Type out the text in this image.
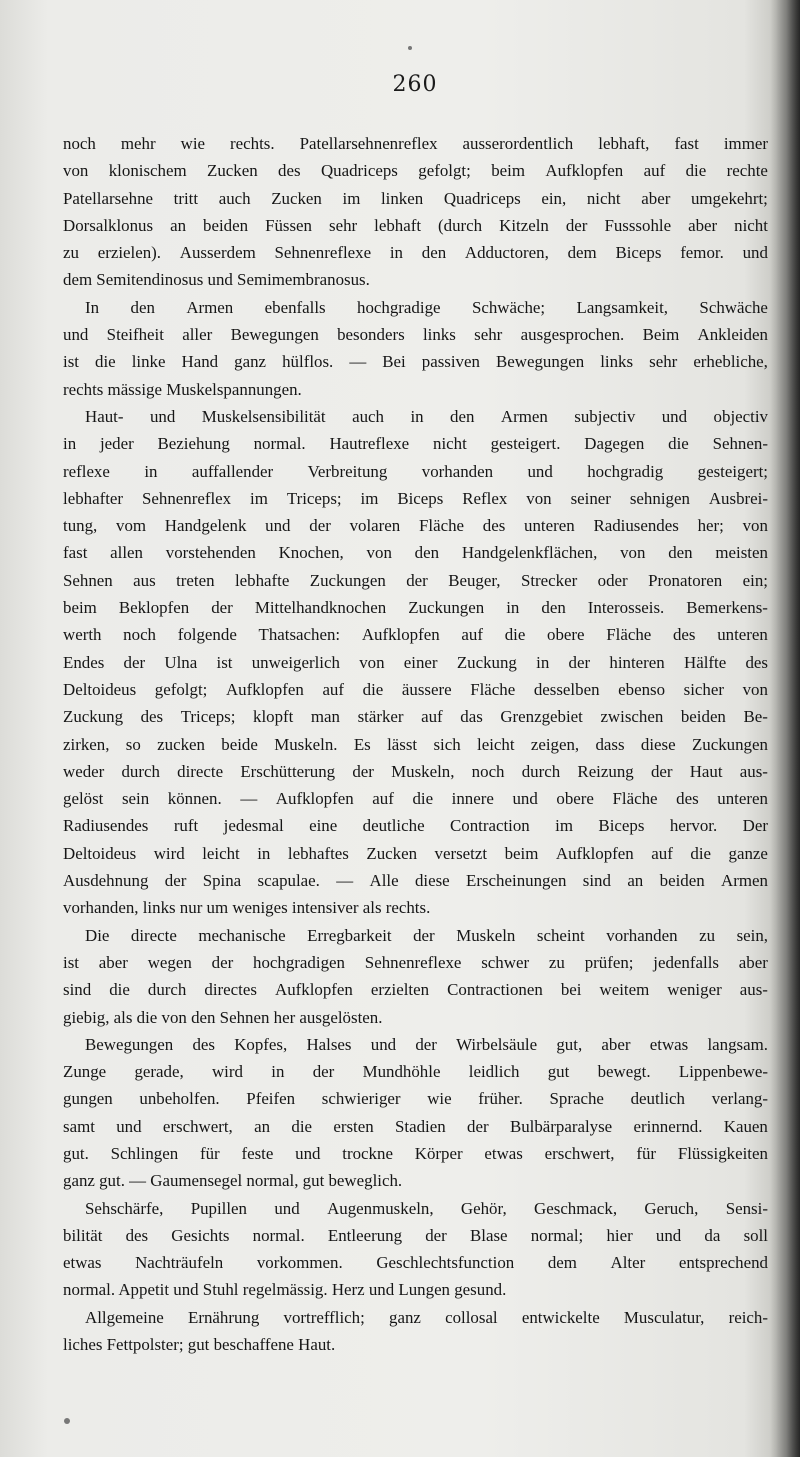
260
noch mehr wie rechts. Patellarsehnenreflex ausserordentlich lebhaft, fast immer
von klonischem Zucken des Quadriceps gefolgt; beim Aufklopfen auf die rechte
Patellarsehne tritt auch Zucken im linken Quadriceps ein, nicht aber umgekehrt;
Dorsalklonus an beiden Füssen sehr lebhaft (durch Kitzeln der Fusssohle aber nicht
zu erzielen). Ausserdem Sehnenreflexe in den Adductoren, dem Biceps femor. und
dem Semitendinosus und Semimembranosus.
In den Armen ebenfalls hochgradige Schwäche; Langsamkeit, Schwäche
und Steifheit aller Bewegungen besonders links sehr ausgesprochen. Beim Ankleiden
ist die linke Hand ganz hülflos. — Bei passiven Bewegungen links sehr erhebliche,
rechts mässige Muskelspannungen.
Haut- und Muskelsensibilität auch in den Armen subjectiv und objectiv
in jeder Beziehung normal. Hautreflexe nicht gesteigert. Dagegen die Sehnen-
reflexe in auffallender Verbreitung vorhanden und hochgradig gesteigert;
lebhafter Sehnenreflex im Triceps; im Biceps Reflex von seiner sehnigen Ausbrei-
tung, vom Handgelenk und der volaren Fläche des unteren Radiusendes her; von
fast allen vorstehenden Knochen, von den Handgelenkflächen, von den meisten
Sehnen aus treten lebhafte Zuckungen der Beuger, Strecker oder Pronatoren ein;
beim Beklopfen der Mittelhandknochen Zuckungen in den Interosseis. Bemerkens-
werth noch folgende Thatsachen: Aufklopfen auf die obere Fläche des unteren
Endes der Ulna ist unweigerlich von einer Zuckung in der hinteren Hälfte des
Deltoideus gefolgt; Aufklopfen auf die äussere Fläche desselben ebenso sicher von
Zuckung des Triceps; klopft man stärker auf das Grenzgebiet zwischen beiden Be-
zirken, so zucken beide Muskeln. Es lässt sich leicht zeigen, dass diese Zuckungen
weder durch directe Erschütterung der Muskeln, noch durch Reizung der Haut aus-
gelöst sein können. — Aufklopfen auf die innere und obere Fläche des unteren
Radiusendes ruft jedesmal eine deutliche Contraction im Biceps hervor. Der
Deltoideus wird leicht in lebhaftes Zucken versetzt beim Aufklopfen auf die ganze
Ausdehnung der Spina scapulae. — Alle diese Erscheinungen sind an beiden Armen
vorhanden, links nur um weniges intensiver als rechts.
Die directe mechanische Erregbarkeit der Muskeln scheint vorhanden zu sein,
ist aber wegen der hochgradigen Sehnenreflexe schwer zu prüfen; jedenfalls aber
sind die durch directes Aufklopfen erzielten Contractionen bei weitem weniger aus-
giebig, als die von den Sehnen her ausgelösten.
Bewegungen des Kopfes, Halses und der Wirbelsäule gut, aber etwas langsam.
Zunge gerade, wird in der Mundhöhle leidlich gut bewegt. Lippenbewe-
gungen unbeholfen. Pfeifen schwieriger wie früher. Sprache deutlich verlang-
samt und erschwert, an die ersten Stadien der Bulbärparalyse erinnernd. Kauen
gut. Schlingen für feste und trockne Körper etwas erschwert, für Flüssigkeiten
ganz gut. — Gaumensegel normal, gut beweglich.
Sehschärfe, Pupillen und Augenmuskeln, Gehör, Geschmack, Geruch, Sensi-
bilität des Gesichts normal. Entleerung der Blase normal; hier und da soll
etwas Nachträufeln vorkommen. Geschlechtsfunction dem Alter entsprechend
normal. Appetit und Stuhl regelmässig. Herz und Lungen gesund.
Allgemeine Ernährung vortrefflich; ganz collosal entwickelte Musculatur, reich-
liches Fettpolster; gut beschaffene Haut.
